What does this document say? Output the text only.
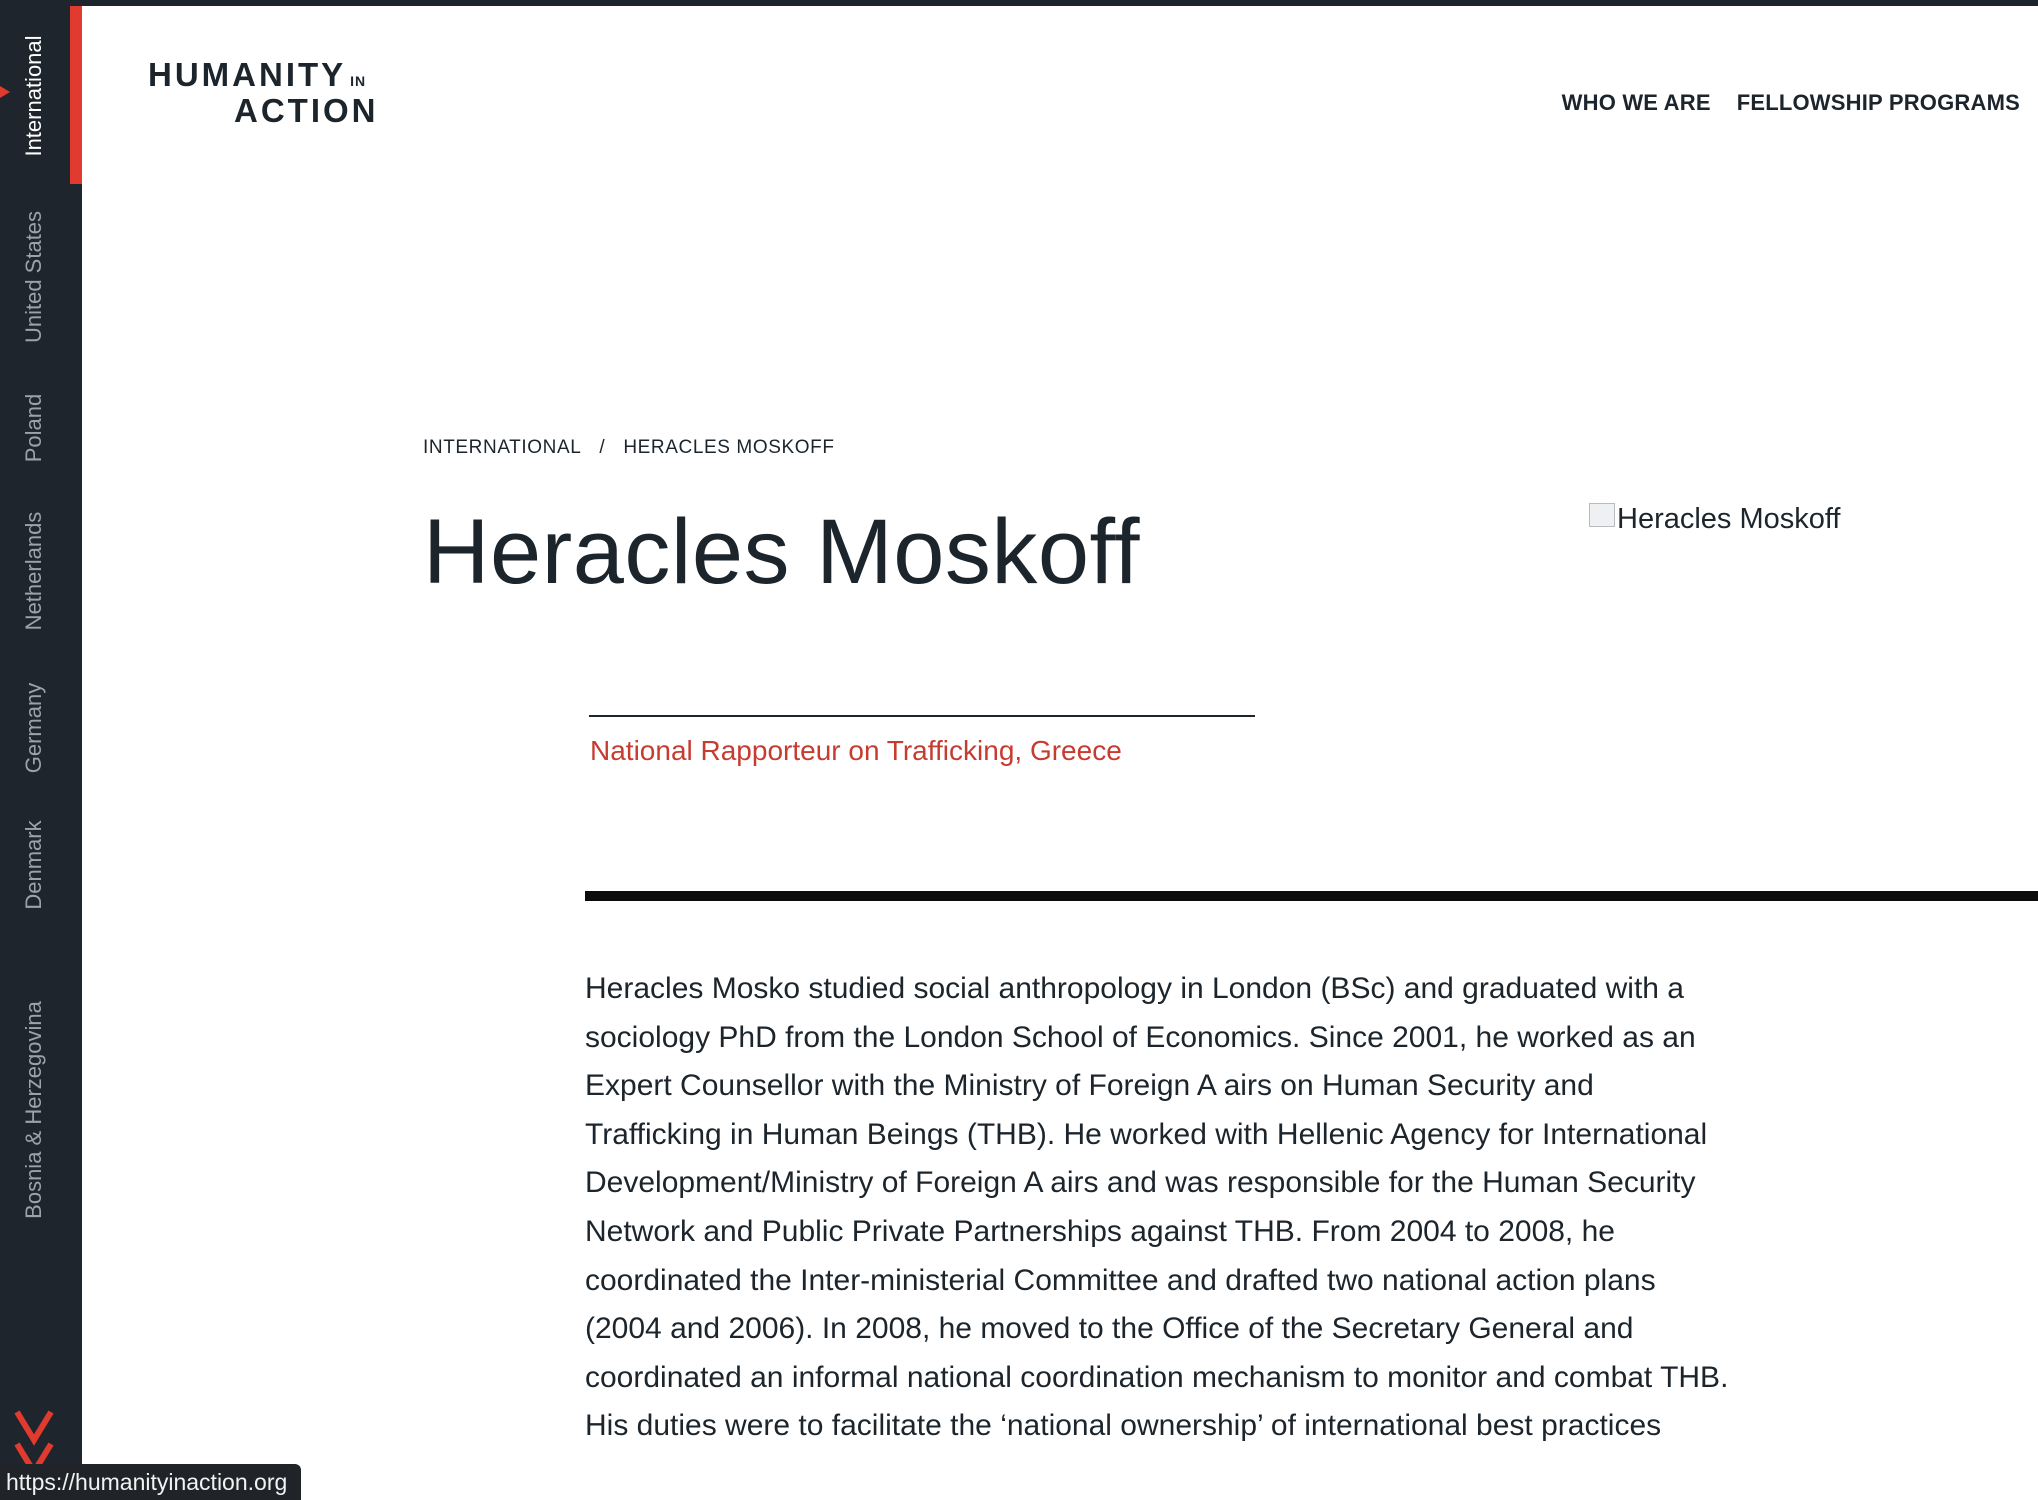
International
United States
Poland
Netherlands
Germany
Denmark
Bosnia & Herzegovina
HUMANITY IN
ACTION	WHO WE ARE FELLOWSHIP PROGRAMS
INTERNATIONAL / HERACLES MOSKOFF
Heracles Moskoff	Heracles Moskoff
National Rapporteur on Trafficking, Greece

Heracles Mosko studied social anthropology in London (BSc) and graduated with a sociology PhD from the London School of Economics. Since 2001, he worked as an Expert Counsellor with the Ministry of Foreign A airs on Human Security and Trafficking in Human Beings (THB). He worked with Hellenic Agency for International Development/Ministry of Foreign A airs and was responsible for the Human Security Network and Public Private Partnerships against THB. From 2004 to 2008, he coordinated the Inter-ministerial Committee and drafted two national action plans (2004 and 2006). In 2008, he moved to the Office of the Secretary General and coordinated an informal national coordination mechanism to monitor and combat THB. His duties were to facilitate the ‘national ownership’ of international best practices

https://humanityinaction.org
